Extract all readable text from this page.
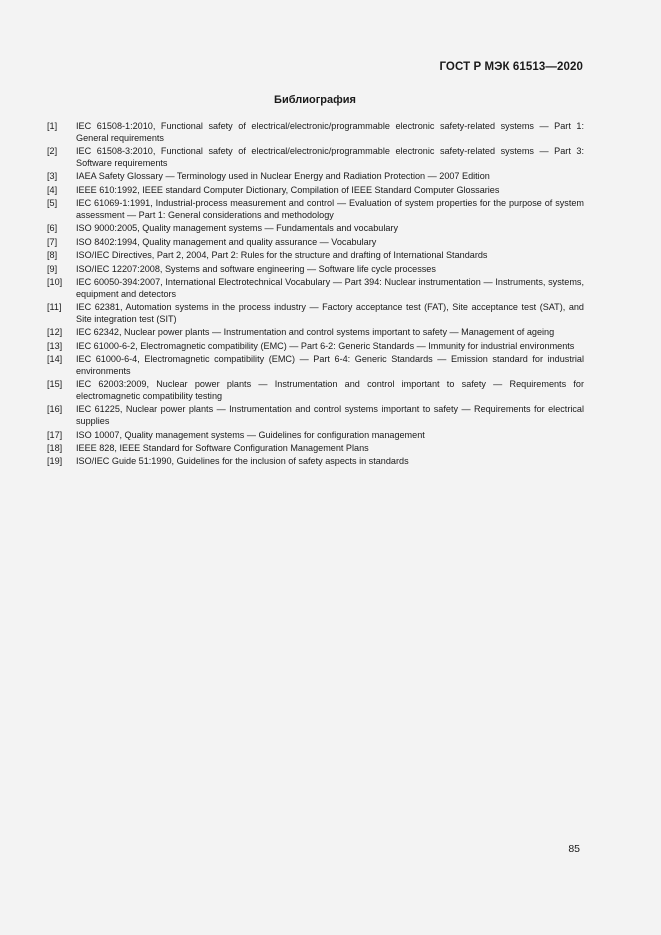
ГОСТ Р МЭК 61513—2020
Библиография
[1]	IEC 61508-1:2010, Functional safety of electrical/electronic/programmable electronic safety-related systems — Part 1: General requirements
[2]	IEC 61508-3:2010, Functional safety of electrical/electronic/programmable electronic safety-related systems — Part 3: Software requirements
[3]	IAEA Safety Glossary — Terminology used in Nuclear Energy and Radiation Protection — 2007 Edition
[4]	IEEE 610:1992, IEEE standard Computer Dictionary, Compilation of IEEE Standard Computer Glossaries
[5]	IEC 61069-1:1991, Industrial-process measurement and control — Evaluation of system properties for the purpose of system assessment — Part 1: General considerations and methodology
[6]	ISO 9000:2005, Quality management systems — Fundamentals and vocabulary
[7]	ISO 8402:1994, Quality management and quality assurance — Vocabulary
[8]	ISO/IEC Directives, Part 2, 2004, Part 2: Rules for the structure and drafting of International Standards
[9]	ISO/IEC 12207:2008, Systems and software engineering — Software life cycle processes
[10]	IEC 60050-394:2007, International Electrotechnical Vocabulary — Part 394: Nuclear instrumentation — Instruments, systems, equipment and detectors
[11]	IEC 62381, Automation systems in the process industry — Factory acceptance test (FAT), Site acceptance test (SAT), and Site integration test (SIT)
[12]	IEC 62342, Nuclear power plants — Instrumentation and control systems important to safety — Management of ageing
[13]	IEC 61000-6-2, Electromagnetic compatibility (EMC) — Part 6-2: Generic Standards — Immunity for industrial environments
[14]	IEC 61000-6-4, Electromagnetic compatibility (EMC) — Part 6-4: Generic Standards — Emission standard for industrial environments
[15]	IEC 62003:2009, Nuclear power plants — Instrumentation and control important to safety — Requirements for electromagnetic compatibility testing
[16]	IEC 61225, Nuclear power plants — Instrumentation and control systems important to safety — Requirements for electrical supplies
[17]	ISO 10007, Quality management systems — Guidelines for configuration management
[18]	IEEE 828, IEEE Standard for Software Configuration Management Plans
[19]	ISO/IEC Guide 51:1990, Guidelines for the inclusion of safety aspects in standards
85
